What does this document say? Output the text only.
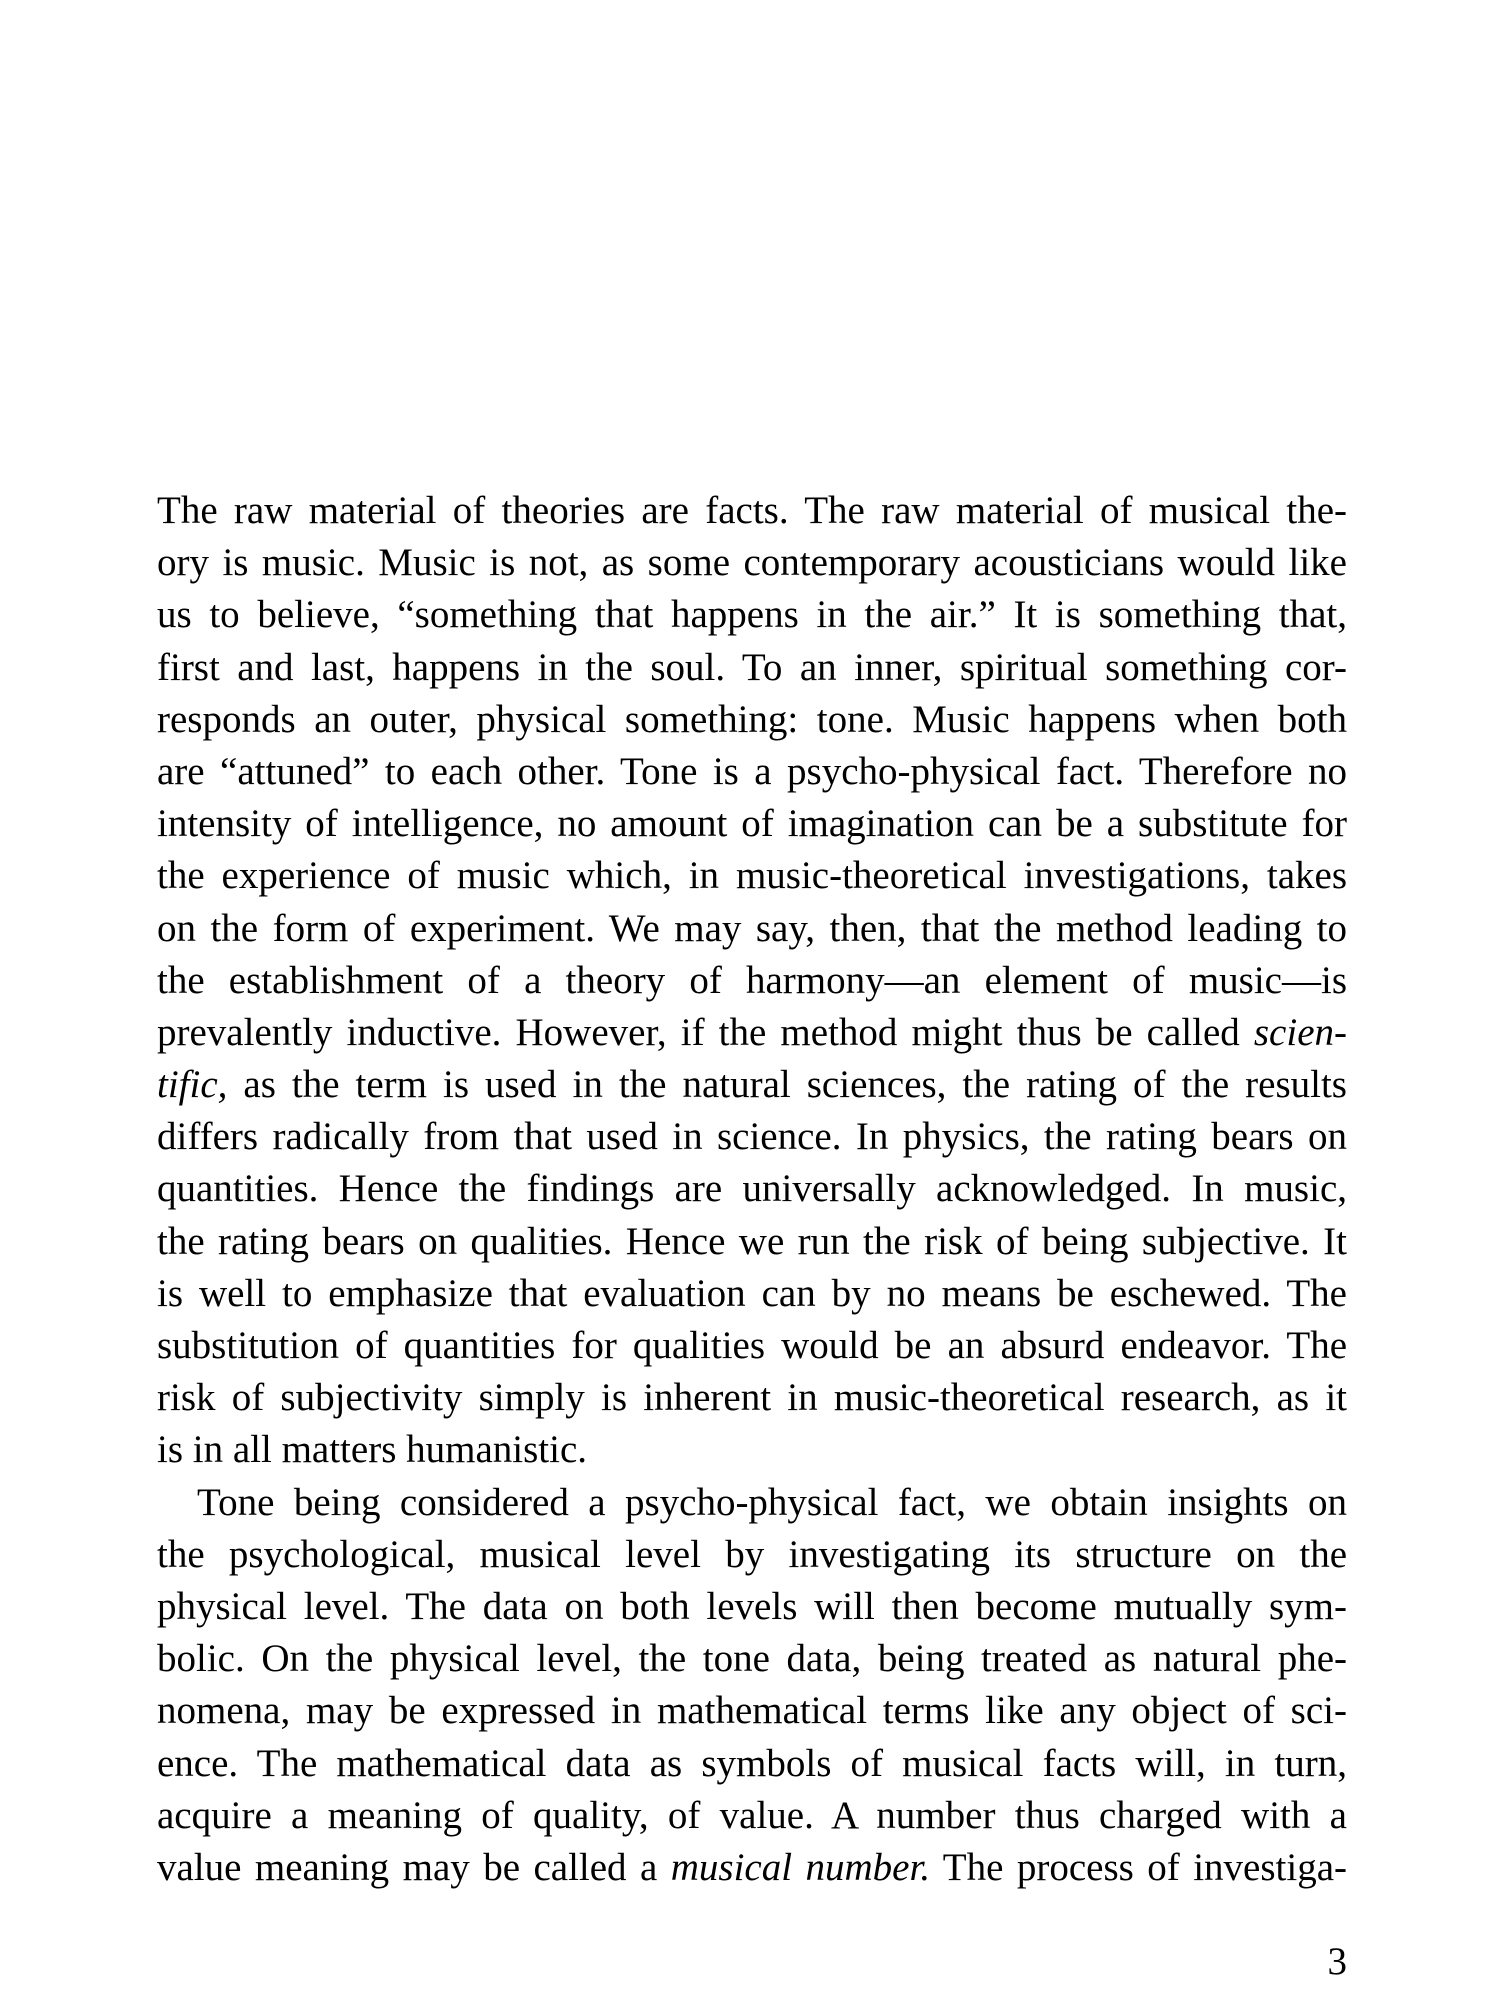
The raw material of theories are facts. The raw material of musical the-
ory is music. Music is not, as some contemporary acousticians would like
us to believe, “something that happens in the air.” It is something that,
first and last, happens in the soul. To an inner, spiritual something cor-
responds an outer, physical something: tone. Music happens when both
are “attuned” to each other. Tone is a psycho-physical fact. Therefore no
intensity of intelligence, no amount of imagination can be a substitute for
the experience of music which, in music-theoretical investigations, takes
on the form of experiment. We may say, then, that the method leading to
the establishment of a theory of harmony—an element of music—is
prevalently inductive. However, if the method might thus be called scien-
tific, as the term is used in the natural sciences, the rating of the results
differs radically from that used in science. In physics, the rating bears on
quantities. Hence the findings are universally acknowledged. In music,
the rating bears on qualities. Hence we run the risk of being subjective. It
is well to emphasize that evaluation can by no means be eschewed. The
substitution of quantities for qualities would be an absurd endeavor. The
risk of subjectivity simply is inherent in music-theoretical research, as it
is in all matters humanistic.
Tone being considered a psycho-physical fact, we obtain insights on
the psychological, musical level by investigating its structure on the
physical level. The data on both levels will then become mutually sym-
bolic. On the physical level, the tone data, being treated as natural phe-
nomena, may be expressed in mathematical terms like any object of sci-
ence. The mathematical data as symbols of musical facts will, in turn,
acquire a meaning of quality, of value. A number thus charged with a
value meaning may be called a musical number. The process of investiga-
3
